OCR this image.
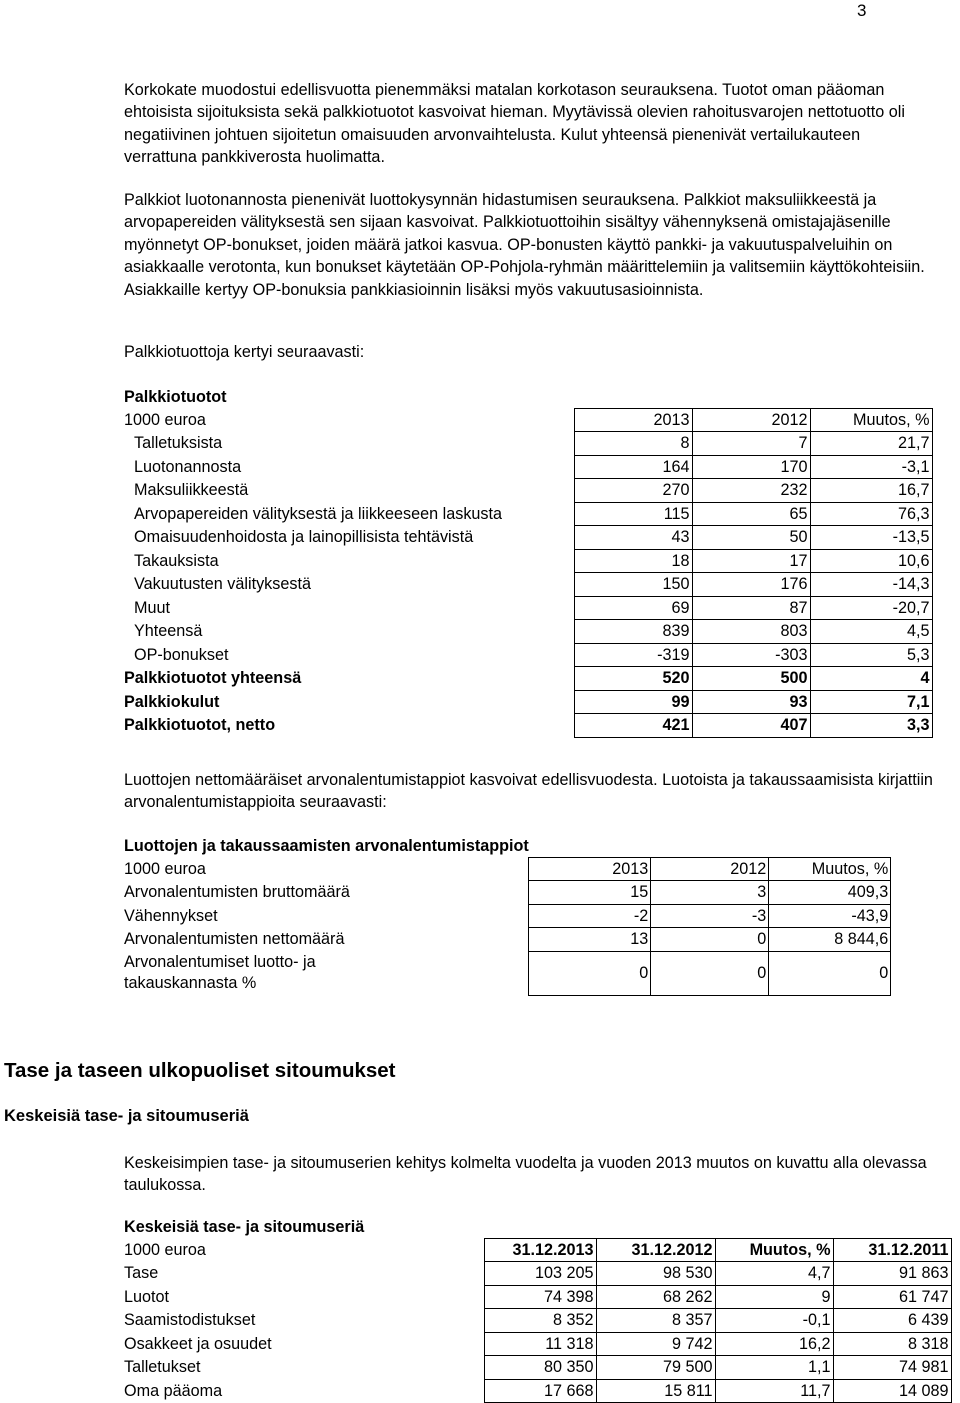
3

Korkokate muodostui edellisvuotta pienemmäksi matalan korkotason seurauksena. Tuotot oman pääoman ehtoisista sijoituksista sekä palkkiotuotot kasvoivat hieman. Myytävissä olevien rahoitusvarojen nettotuotto oli negatiivinen johtuen sijoitetun omaisuuden arvonvaihtelusta. Kulut yhteensä pienenivät vertailukauteen verrattuna pankkiverosta huolimatta.

Palkkiot luotonannosta pienenivät luottokysynnän hidastumisen seurauksena. Palkkiot maksuliikkeestä ja arvopapereiden välityksestä sen sijaan kasvoivat. Palkkiotuottoihin sisältyy vähennyksenä omistajajäsenille myönnetyt OP-bonukset, joiden määrä jatkoi kasvua. OP-bonusten käyttö pankki- ja vakuutuspalveluihin on asiakkaalle verotonta, kun bonukset käytetään OP-Pohjola-ryhmän määrittelemiin ja valitsemiin käyttökohteisiin. Asiakkaille kertyy OP-bonuksia pankkiasioinnin lisäksi myös vakuutusasioinnista.

Palkkiotuottoja kertyi seuraavasti:

Palkkiotuotot			
1000 euroa	2013	2012	Muutos, %
Talletuksista	8	7	21,7
Luotonannosta	164	170	-3,1
Maksuliikkeestä	270	232	16,7
Arvopapereiden välityksestä ja liikkeeseen laskusta	115	65	76,3
Omaisuudenhoidosta ja lainopillisista tehtävistä	43	50	-13,5
Takauksista	18	17	10,6
Vakuutusten välityksestä	150	176	-14,3
Muut	69	87	-20,7
Yhteensä	839	803	4,5
OP-bonukset	-319	-303	5,3
Palkkiotuotot yhteensä	520	500	4
Palkkiokulut	99	93	7,1
Palkkiotuotot, netto	421	407	3,3

Luottojen nettomääräiset arvonalentumistappiot kasvoivat edellisvuodesta. Luotoista ja takaussaamisista kirjattiin arvonalentumistappioita seuraavasti:

Luottojen ja takaussaamisten arvonalentumistappiot			
1000 euroa	2013	2012	Muutos, %
Arvonalentumisten bruttomäärä	15	3	409,3
Vähennykset	-2	-3	-43,9
Arvonalentumisten nettomäärä	13	0	8 844,6

Arvonalentumiset luotto- ja
takauskannasta %	0	0	0
Tase ja taseen ulkopuoliset sitoumukset
Keskeisiä tase- ja sitoumuseriä

Keskeisimpien tase- ja sitoumuserien kehitys kolmelta vuodelta ja vuoden 2013 muutos on kuvattu alla olevassa taulukossa.

Keskeisiä tase- ja sitoumuseriä				
1000 euroa	31.12.2013	31.12.2012	Muutos, %	31.12.2011
Tase	103 205	98 530	4,7	91 863
Luotot	74 398	68 262	9	61 747
Saamistodistukset	8 352	8 357	-0,1	6 439
Osakkeet ja osuudet	11 318	9 742	16,2	8 318
Talletukset	80 350	79 500	1,1	74 981
Oma pääoma	17 668	15 811	11,7	14 089
